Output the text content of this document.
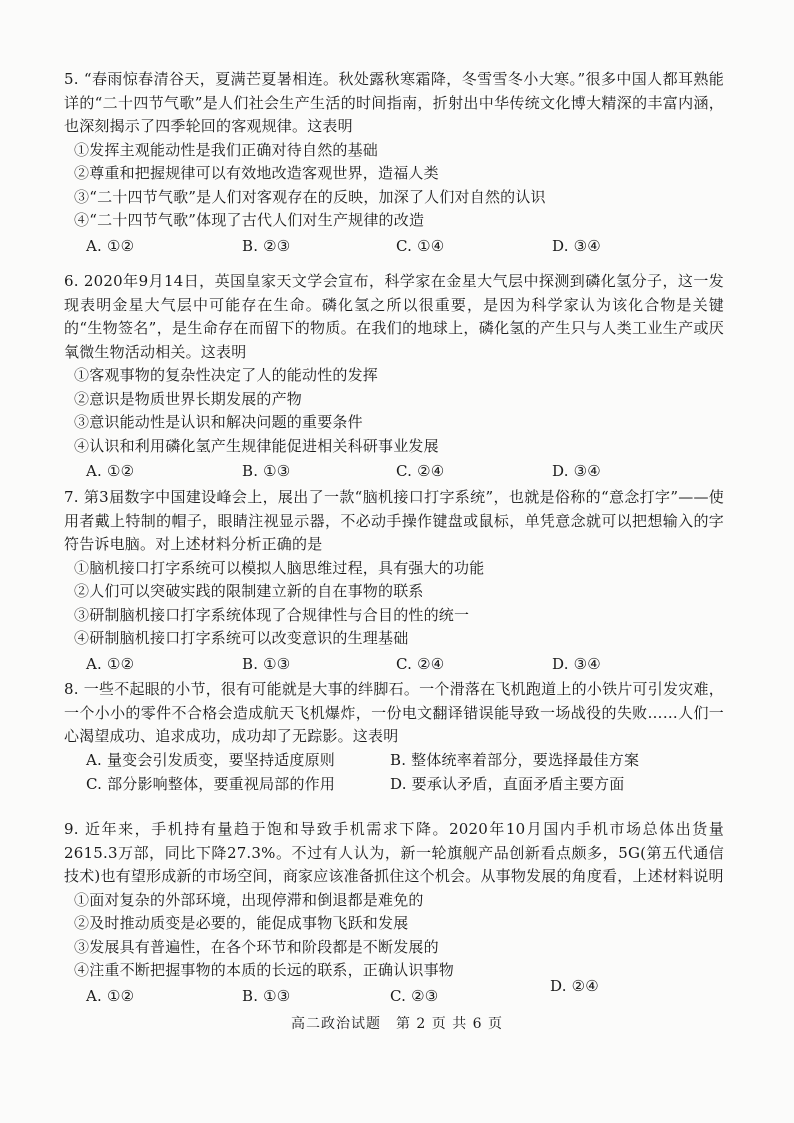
5. “春雨惊春清谷天，夏满芒夏暑相连。秋处露秋寒霜降，冬雪雪冬小大寒。”很多中国人都耳熟能详的“二十四节气歌”是人们社会生产生活的时间指南，折射出中华传统文化博大精深的丰富内涵，也深刻揭示了四季轮回的客观规律。这表明

①发挥主观能动性是我们正确对待自然的基础

②尊重和把握规律可以有效地改造客观世界，造福人类

③“二十四节气歌”是人们对客观存在的反映，加深了人们对自然的认识

④“二十四节气歌”体现了古代人们对生产规律的改造

A. ①②	B. ②③	C. ①④	D. ③④

6. 2020年9月14日，英国皇家天文学会宣布，科学家在金星大气层中探测到磷化氢分子，这一发现表明金星大气层中可能存在生命。磷化氢之所以很重要，是因为科学家认为该化合物是关键的“生物签名”，是生命存在而留下的物质。在我们的地球上，磷化氢的产生只与人类工业生产或厌氧微生物活动相关。这表明

①客观事物的复杂性决定了人的能动性的发挥

②意识是物质世界长期发展的产物

③意识能动性是认识和解决问题的重要条件

④认识和利用磷化氢产生规律能促进相关科研事业发展

A. ①②	B. ①③	C. ②④	D. ③④

7. 第3届数字中国建设峰会上，展出了一款“脑机接口打字系统”，也就是俗称的“意念打字”——使用者戴上特制的帽子，眼睛注视显示器，不必动手操作键盘或鼠标，单凭意念就可以把想输入的字符告诉电脑。对上述材料分析正确的是

①脑机接口打字系统可以模拟人脑思维过程，具有强大的功能

②人们可以突破实践的限制建立新的自在事物的联系

③研制脑机接口打字系统体现了合规律性与合目的性的统一

④研制脑机接口打字系统可以改变意识的生理基础

A. ①②	B. ①③	C. ②④	D. ③④

8. 一些不起眼的小节，很有可能就是大事的绊脚石。一个滑落在飞机跑道上的小铁片可引发灾难，一个小小的零件不合格会造成航天飞机爆炸，一份电文翻译错误能导致一场战役的失败……人们一心渴望成功、追求成功，成功却了无踪影。这表明

A. 量变会引发质变，要坚持适度原则	B. 整体统率着部分，要选择最佳方案
C. 部分影响整体，要重视局部的作用	D. 要承认矛盾，直面矛盾主要方面

9. 近年来，手机持有量趋于饱和导致手机需求下降。2020年10月国内手机市场总体出货量2615.3万部，同比下降27.3%。不过有人认为，新一轮旗舰产品创新看点颇多，5G(第五代通信技术)也有望形成新的市场空间，商家应该准备抓住这个机会。从事物发展的角度看，上述材料说明

①面对复杂的外部环境，出现停滞和倒退都是难免的

②及时推动质变是必要的，能促成事物飞跃和发展

③发展具有普遍性，在各个环节和阶段都是不断发展的

④注重不断把握事物的本质的长远的联系，正确认识事物

A. ①②	B. ①③	C. ②③
D. ②④
高二政治试题　第 2 页 共 6 页
